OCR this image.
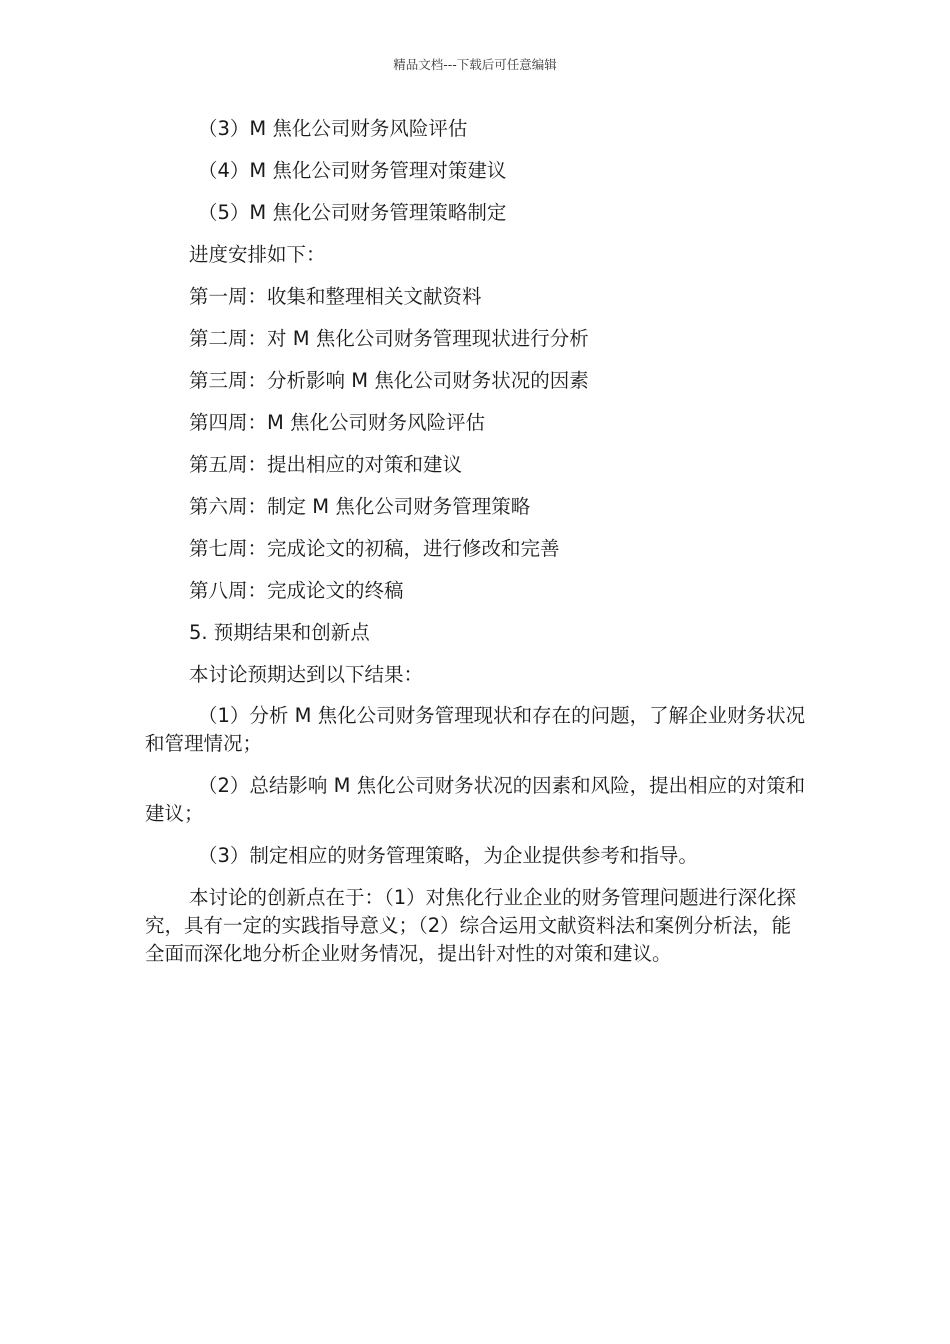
精品文档---下载后可任意编辑
（3）M 焦化公司财务风险评估
（4）M 焦化公司财务管理对策建议
（5）M 焦化公司财务管理策略制定
进度安排如下：
第一周：收集和整理相关文献资料
第二周：对 M 焦化公司财务管理现状进行分析
第三周：分析影响 M 焦化公司财务状况的因素
第四周：M 焦化公司财务风险评估
第五周：提出相应的对策和建议
第六周：制定 M 焦化公司财务管理策略
第七周：完成论文的初稿，进行修改和完善
第八周：完成论文的终稿
5. 预期结果和创新点
本讨论预期达到以下结果：

（1）分析 M 焦化公司财务管理现状和存在的问题，了解企业财务状况和管理情况；

（2）总结影响 M 焦化公司财务状况的因素和风险，提出相应的对策和建议；

（3）制定相应的财务管理策略，为企业提供参考和指导。

本讨论的创新点在于：（1）对焦化行业企业的财务管理问题进行深化探究，具有一定的实践指导意义；（2）综合运用文献资料法和案例分析法，能全面而深化地分析企业财务情况，提出针对性的对策和建议。
